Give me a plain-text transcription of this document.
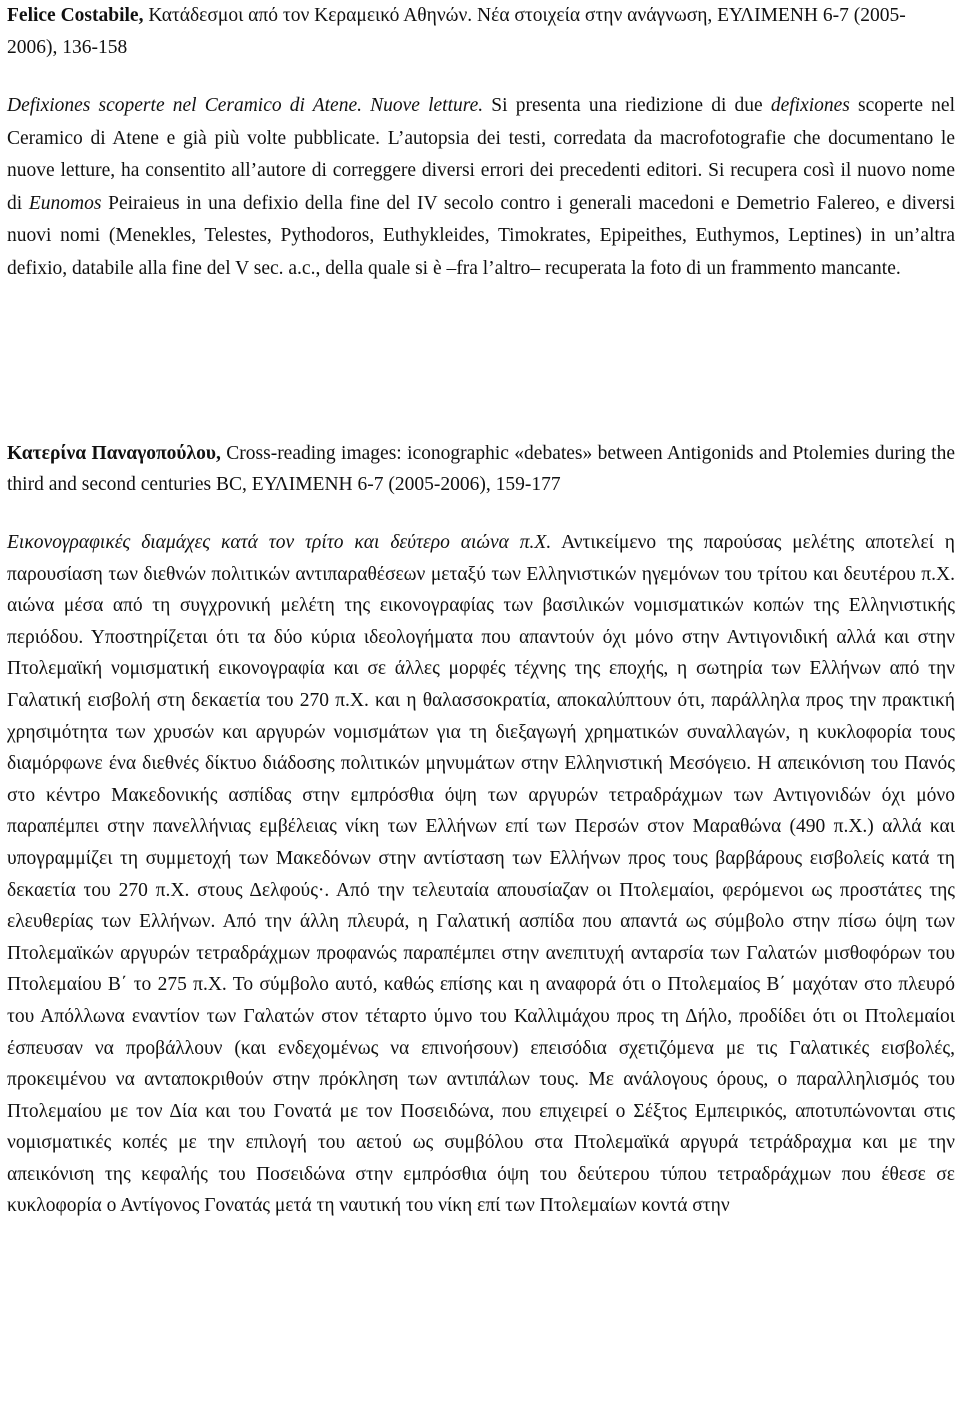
Felice Costabile, Κατάδεσμοι από τον Κεραμεικό Αθηνών. Νέα στοιχεία στην ανάγνωση, ΕΥΛΙΜΕΝΗ 6-7 (2005-2006), 136-158

Defixiones scoperte nel Ceramico di Atene. Nuove letture. Si presenta una riedizione di due defixiones scoperte nel Ceramico di Atene e già più volte pubblicate. L’autopsia dei testi, corredata da macrofotografie che documentano le nuove letture, ha consentito all’autore di correggere diversi errori dei precedenti editori. Si recupera così il nuovo nome di Eunomos Peiraieus in una defixio della fine del IV secolo contro i generali macedoni e Demetrio Falereo, e diversi nuovi nomi (Menekles, Telestes, Pythodoros, Euthykleides, Timokrates, Epipeithes, Euthymos, Leptines) in un’altra defixio, databile alla fine del V sec. a.c., della quale si è –fra l’altro– recuperata la foto di un frammento mancante.

Κατερίνα Παναγοπούλου, Cross-reading images: iconographic «debates» between Antigonids and Ptolemies during the third and second centuries BC, ΕΥΛΙΜΕΝΗ 6-7 (2005-2006), 159-177

Εικονογραφικές διαμάχες κατά τον τρίτο και δεύτερο αιώνα π.Χ. Αντικείμενο της παρούσας μελέτης αποτελεί η παρουσίαση των διεθνών πολιτικών αντιπαραθέσεων μεταξύ των Ελληνιστικών ηγεμόνων του τρίτου και δευτέρου π.Χ. αιώνα μέσα από τη συγχρονική μελέτη της εικονογραφίας των βασιλικών νομισματικών κοπών της Ελληνιστικής περιόδου. Υποστηρίζεται ότι τα δύο κύρια ιδεολογήματα που απαντούν όχι μόνο στην Αντιγονιδική αλλά και στην Πτολεμαϊκή νομισματική εικονογραφία και σε άλλες μορφές τέχνης της εποχής, η σωτηρία των Ελλήνων από την Γαλατική εισβολή στη δεκαετία του 270 π.Χ. και η θαλασσοκρατία, αποκαλύπτουν ότι, παράλληλα προς την πρακτική χρησιμότητα των χρυσών και αργυρών νομισμάτων για τη διεξαγωγή χρηματικών συναλλαγών, η κυκλοφορία τους διαμόρφωνε ένα διεθνές δίκτυο διάδοσης πολιτικών μηνυμάτων στην Ελληνιστική Μεσόγειο. Η απεικόνιση του Πανός στο κέντρο Μακεδονικής ασπίδας στην εμπρόσθια όψη των αργυρών τετραδράχμων των Αντιγονιδών όχι μόνο παραπέμπει στην πανελλήνιας εμβέλειας νίκη των Ελλήνων επί των Περσών στον Μαραθώνα (490 π.Χ.) αλλά και υπογραμμίζει τη συμμετοχή των Μακεδόνων στην αντίσταση των Ελλήνων προς τους βαρβάρους εισβολείς κατά τη δεκαετία του 270 π.Χ. στους Δελφούς·. Από την τελευταία απουσίαζαν οι Πτολεμαίοι, φερόμενοι ως προστάτες της ελευθερίας των Ελλήνων. Από την άλλη πλευρά, η Γαλατική ασπίδα που απαντά ως σύμβολο στην πίσω όψη των Πτολεμαϊκών αργυρών τετραδράχμων προφανώς παραπέμπει στην ανεπιτυχή ανταρσία των Γαλατών μισθοφόρων του Πτολεμαίου Β΄ το 275 π.Χ. Το σύμβολο αυτό, καθώς επίσης και η αναφορά ότι ο Πτολεμαίος Β΄ μαχόταν στο πλευρό του Απόλλωνα εναντίον των Γαλατών στον τέταρτο ύμνο του Καλλιμάχου προς τη Δήλο, προδίδει ότι οι Πτολεμαίοι έσπευσαν να προβάλλουν (και ενδεχομένως να επινοήσουν) επεισόδια σχετιζόμενα με τις Γαλατικές εισβολές, προκειμένου να ανταποκριθούν στην πρόκληση των αντιπάλων τους. Με ανάλογους όρους, ο παραλληλισμός του Πτολεμαίου με τον Δία και του Γονατά με τον Ποσειδώνα, που επιχειρεί ο Σέξτος Εμπειρικός, αποτυπώνονται στις νομισματικές κοπές με την επιλογή του αετού ως συμβόλου στα Πτολεμαϊκά αργυρά τετράδραχμα και με την απεικόνιση της κεφαλής του Ποσειδώνα στην εμπρόσθια όψη του δεύτερου τύπου τετραδράχμων που έθεσε σε κυκλοφορία ο Αντίγονος Γονατάς μετά τη ναυτική του νίκη επί των Πτολεμαίων κοντά στην
